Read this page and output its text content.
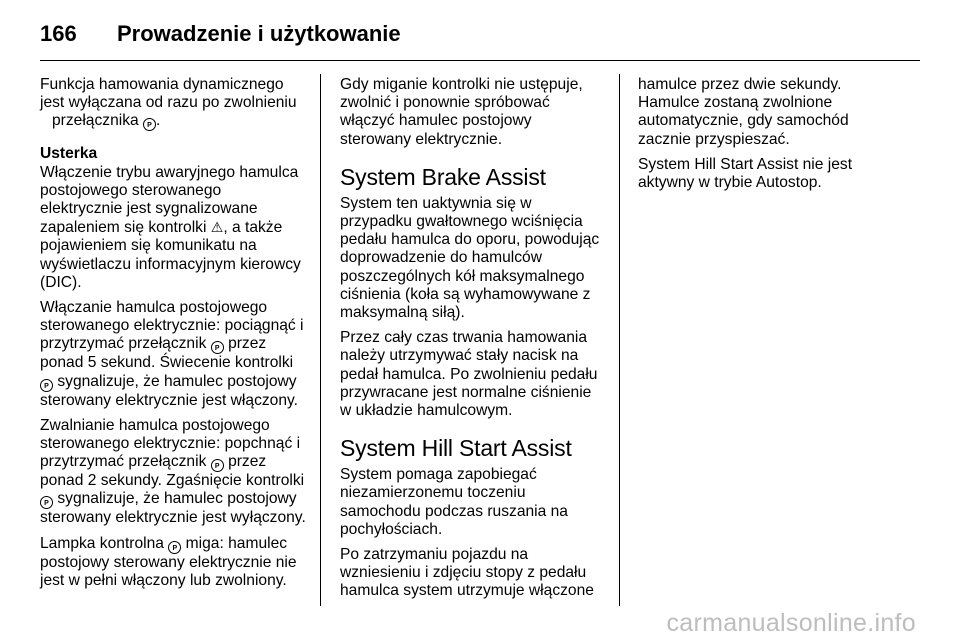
166	Prowadzenie i użytkowanie

Funkcja hamowania dynamicznego jest wyłączana od razu po zwolnieniu
przełącznika P .

Usterka

Włączenie trybu awaryjnego hamulca postojowego sterowanego elektrycznie jest sygnalizowane zapaleniem się kontrolki ⚠, a także pojawieniem się komunikatu na wyświetlaczu informacyjnym kierowcy (DIC).

Włączanie hamulca postojowego sterowanego elektrycznie: pociągnąć i przytrzymać przełącznik P przez ponad 5 sekund. Świecenie kontrolki P sygnalizuje, że hamulec postojowy sterowany elektrycznie jest włączony.

Zwalnianie hamulca postojowego sterowanego elektrycznie: popchnąć i przytrzymać przełącznik P przez ponad 2 sekundy. Zgaśnięcie kontrolki P sygnalizuje, że hamulec postojowy sterowany elektrycznie jest wyłączony.

Lampka kontrolna P miga: hamulec postojowy sterowany elektrycznie nie jest w pełni włączony lub zwolniony.

Gdy miganie kontrolki nie ustępuje, zwolnić i ponownie spróbować włączyć hamulec postojowy sterowany elektrycznie.

System Brake Assist

System ten uaktywnia się w przypadku gwałtownego wciśnięcia pedału hamulca do oporu, powodując doprowadzenie do hamulców poszczególnych kół maksymalnego ciśnienia (koła są wyhamowywane z maksymalną siłą).

Przez cały czas trwania hamowania należy utrzymywać stały nacisk na pedał hamulca. Po zwolnieniu pedału przywracane jest normalne ciśnienie w układzie hamulcowym.

System Hill Start Assist

System pomaga zapobiegać niezamierzonemu toczeniu samochodu podczas ruszania na pochyłościach.

Po zatrzymaniu pojazdu na wzniesieniu i zdjęciu stopy z pedału hamulca system utrzymuje włączone

hamulce przez dwie sekundy. Hamulce zostaną zwolnione automatycznie, gdy samochód zacznie przyspieszać.

System Hill Start Assist nie jest aktywny w trybie Autostop.

carmanualsonline.info
